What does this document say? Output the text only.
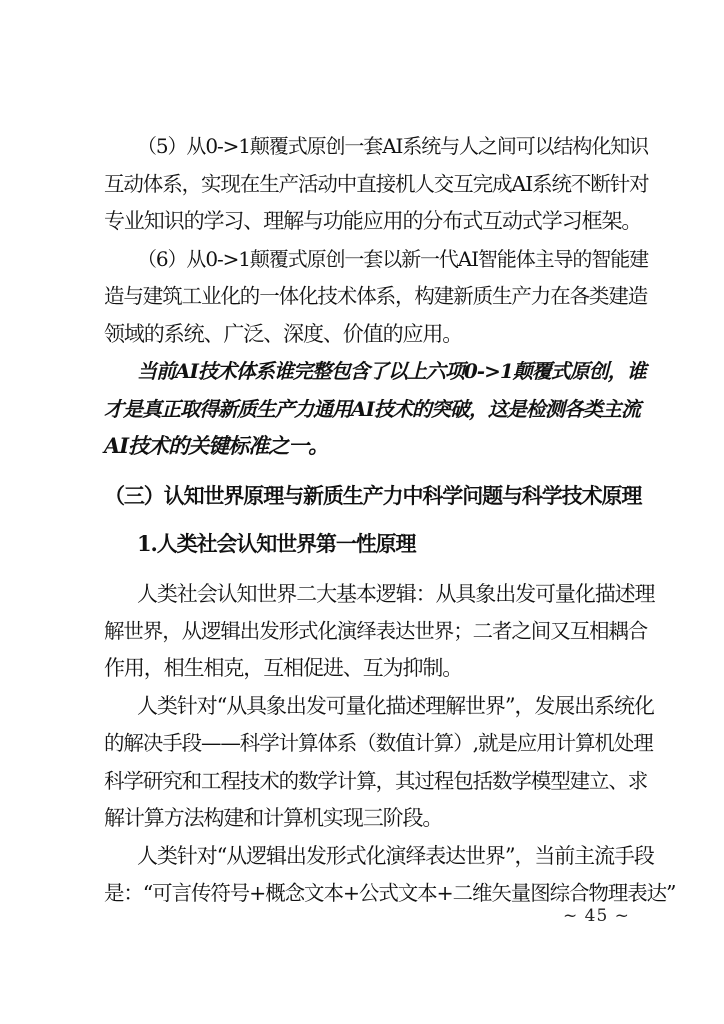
（5）从0->1颠覆式原创一套AI系统与人之间可以结构化知识
互动体系，实现在生产活动中直接机人交互完成AI系统不断针对
专业知识的学习、理解与功能应用的分布式互动式学习框架。
（6）从0->1颠覆式原创一套以新一代AI智能体主导的智能建
造与建筑工业化的一体化技术体系，构建新质生产力在各类建造
领域的系统、广泛、深度、价值的应用。
当前AI技术体系谁完整包含了以上六项0->1颠覆式原创，谁
才是真正取得新质生产力通用AI技术的突破，这是检测各类主流
AI技术的关键标准之一。
（三）认知世界原理与新质生产力中科学问题与科学技术原理
1.人类社会认知世界第一性原理
人类社会认知世界二大基本逻辑：从具象出发可量化描述理
解世界，从逻辑出发形式化演绎表达世界；二者之间又互相耦合
作用，相生相克，互相促进、互为抑制。
人类针对“从具象出发可量化描述理解世界”，发展出系统化
的解决手段——科学计算体系（数值计算）,就是应用计算机处理
科学研究和工程技术的数学计算，其过程包括数学模型建立、求
解计算方法构建和计算机实现三阶段。
人类针对“从逻辑出发形式化演绎表达世界”，当前主流手段
是：“可言传符号+概念文本+公式文本+二维矢量图综合物理表达”
~ 45 ~
